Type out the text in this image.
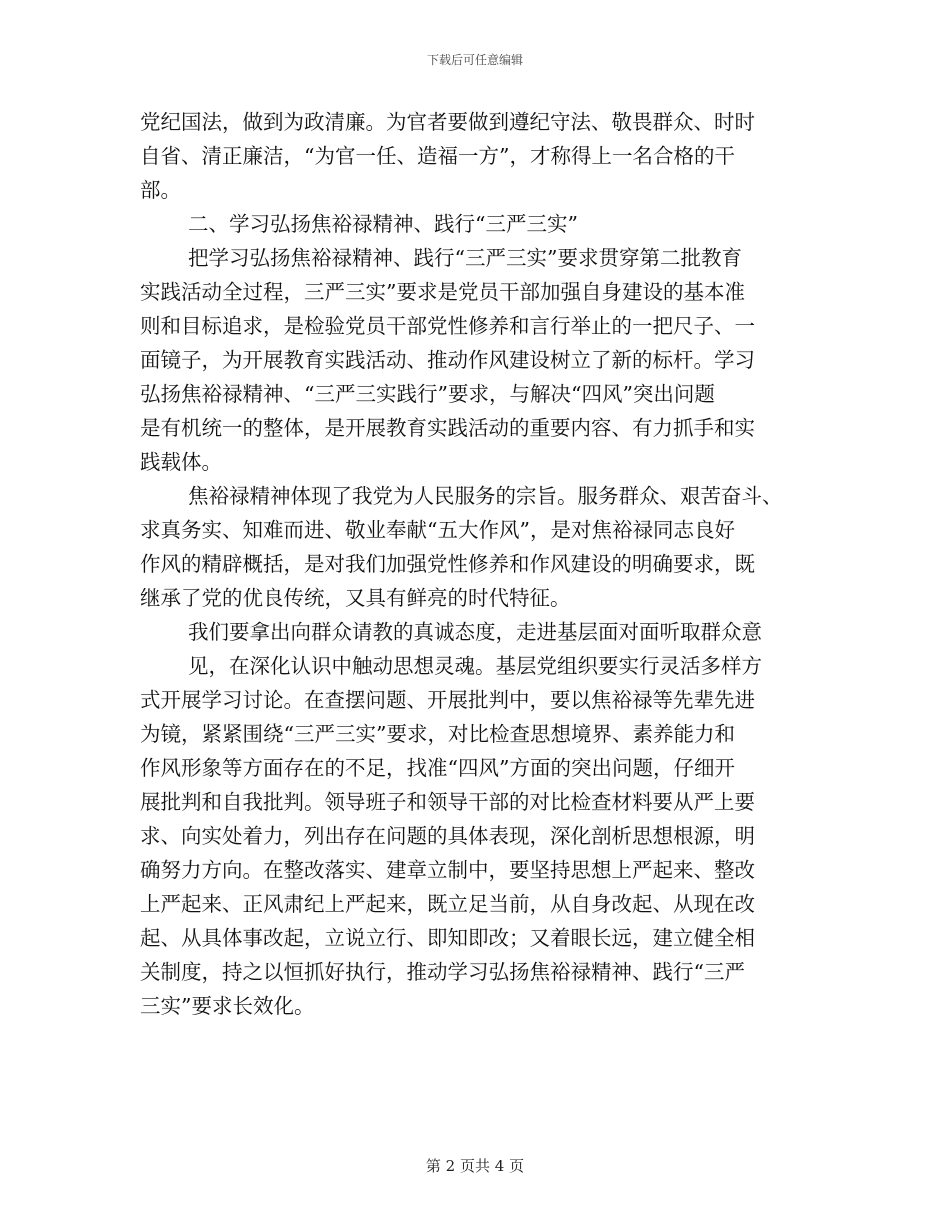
下载后可任意编辑
党纪国法，做到为政清廉。为官者要做到遵纪守法、敬畏群众、时时
自省、清正廉洁，“为官一任、造福一方”，才称得上一名合格的干
部。
二、学习弘扬焦裕禄精神、践行“三严三实”
把学习弘扬焦裕禄精神、践行“三严三实”要求贯穿第二批教育
实践活动全过程，三严三实”要求是党员干部加强自身建设的基本准
则和目标追求，是检验党员干部党性修养和言行举止的一把尺子、一
面镜子，为开展教育实践活动、推动作风建设树立了新的标杆。学习
弘扬焦裕禄精神、“三严三实践行”要求，与解决“四风”突出问题
是有机统一的整体，是开展教育实践活动的重要内容、有力抓手和实
践载体。
焦裕禄精神体现了我党为人民服务的宗旨。服务群众、艰苦奋斗、
求真务实、知难而进、敬业奉献“五大作风”，是对焦裕禄同志良好
作风的精辟概括，是对我们加强党性修养和作风建设的明确要求，既
继承了党的优良传统，又具有鲜亮的时代特征。
我们要拿出向群众请教的真诚态度，走进基层面对面听取群众意
见，在深化认识中触动思想灵魂。基层党组织要实行灵活多样方
式开展学习讨论。在查摆问题、开展批判中，要以焦裕禄等先辈先进
为镜，紧紧围绕“三严三实”要求，对比检查思想境界、素养能力和
作风形象等方面存在的不足，找准“四风”方面的突出问题，仔细开
展批判和自我批判。领导班子和领导干部的对比检查材料要从严上要
求、向实处着力，列出存在问题的具体表现，深化剖析思想根源，明
确努力方向。在整改落实、建章立制中，要坚持思想上严起来、整改
上严起来、正风肃纪上严起来，既立足当前，从自身改起、从现在改
起、从具体事改起，立说立行、即知即改；又着眼长远，建立健全相
关制度，持之以恒抓好执行，推动学习弘扬焦裕禄精神、践行“三严
三实”要求长效化。
第 2 页共 4 页
